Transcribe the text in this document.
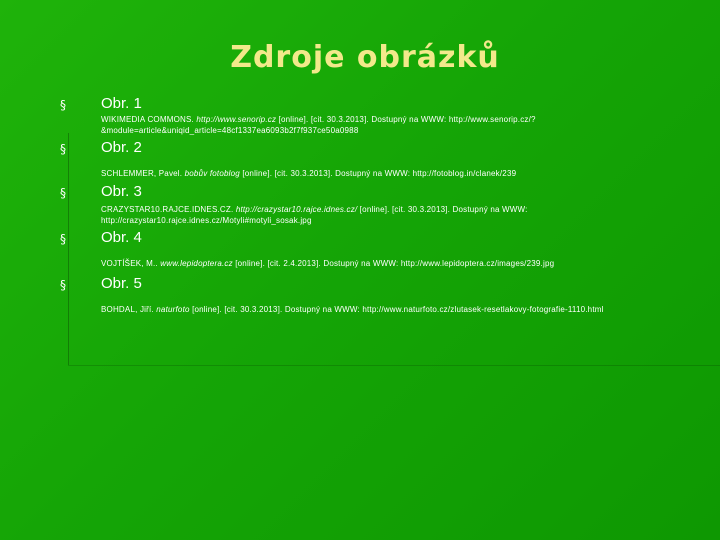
Zdroje obrázků
§ Obr. 1
WIKIMEDIA COMMONS. http://www.senorip.cz [online]. [cit. 30.3.2013]. Dostupný na WWW: http://www.senorip.cz/?&module=article&uniqid_article=48cf1337ea6093b2f7f937ce50a0988
§ Obr. 2
SCHLEMMER, Pavel. bobův fotoblog [online]. [cit. 30.3.2013]. Dostupný na WWW: http://fotoblog.in/clanek/239
§ Obr. 3
CRAZYSTAR10.RAJCE.IDNES.CZ. http://crazystar10.rajce.idnes.cz/ [online]. [cit. 30.3.2013]. Dostupný na WWW: http://crazystar10.rajce.idnes.cz/Motyli#motyli_sosak.jpg
§ Obr. 4
VOJTÍŠEK, M.. www.lepidoptera.cz [online]. [cit. 2.4.2013]. Dostupný na WWW: http://www.lepidoptera.cz/images/239.jpg
§ Obr. 5
BOHDAL, Jiří. naturfoto [online]. [cit. 30.3.2013]. Dostupný na WWW: http://www.naturfoto.cz/zlutasek-resetlakovy-fotografie-1110.html
